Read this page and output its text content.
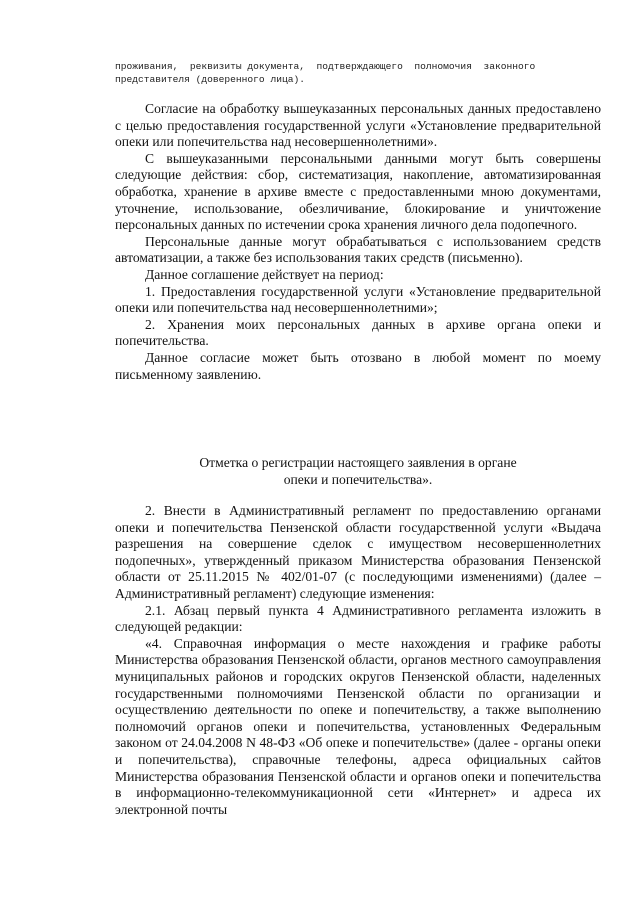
проживания,  реквизиты документа,  подтверждающего  полномочия  законного
представителя (доверенного лица).

Согласие на обработку вышеуказанных персональных данных предоставлено с целью предоставления государственной услуги «Установление предварительной опеки или попечительства над несовершеннолетними».

С вышеуказанными персональными данными могут быть совершены следующие действия: сбор, систематизация, накопление, автоматизированная обработка, хранение в архиве вместе с предоставленными мною документами, уточнение, использование, обезличивание, блокирование и уничтожение персональных данных по истечении срока хранения личного дела подопечного.

Персональные данные могут обрабатываться с использованием средств автоматизации, а также без использования таких средств (письменно).

Данное соглашение действует на период:

1. Предоставления государственной услуги «Установление предварительной опеки или попечительства над несовершеннолетними»;

2. Хранения моих персональных данных в архиве органа опеки и попечительства.

Данное согласие может быть отозвано в любой момент по моему письменному заявлению.

Отметка о регистрации настоящего заявления в органе
опеки и попечительства».

2. Внести в Административный регламент по предоставлению органами опеки и попечительства Пензенской области государственной услуги «Выдача разрешения на совершение сделок с имуществом несовершеннолетних подопечных», утвержденный приказом Министерства образования Пензенской области от 25.11.2015 № 402/01-07 (с последующими изменениями) (далее – Административный регламент) следующие изменения:

2.1. Абзац первый пункта 4 Административного регламента изложить в следующей редакции:

«4. Справочная информация о месте нахождения и графике работы Министерства образования Пензенской области, органов местного самоуправления муниципальных районов и городских округов Пензенской области, наделенных государственными полномочиями Пензенской области по организации и осуществлению деятельности по опеке и попечительству, а также выполнению полномочий органов опеки и попечительства, установленных Федеральным законом от 24.04.2008 N 48-ФЗ «Об опеке и попечительстве» (далее - органы опеки и попечительства), справочные телефоны, адреса официальных сайтов Министерства образования Пензенской области и органов опеки и попечительства в информационно-телекоммуникационной сети «Интернет» и адреса их электронной почты
